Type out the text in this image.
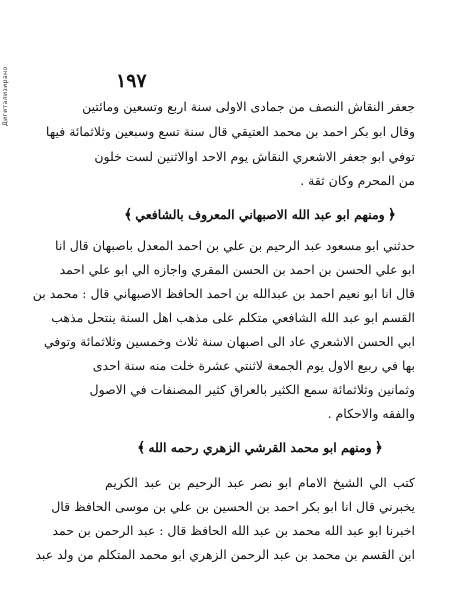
Дигитализирано	١٩٧
جعفر النقاش النصف من جمادى الاولى سنة اربع وتسعين ومائتين
وقال ابو بكر احمد بن محمد العتيقي قال سنة تسع وسبعين وثلاثمائة فيها
توفي ابو جعفر الاشعري النقاش يوم الاحد اوالاثنين لست خلون
من المحرم وكان ثقة .
﴿ومنهم ابو عبد الله الاصبهاني المعروف بالشافعي﴾
حدثني ابو مسعود عبد الرحيم بن علي بن احمد المعدل باصبهان قال انا
ابو علي الحسن بن احمد بن الحسن المقري واجازه الي ابو علي احمد
قال انا ابو نعيم احمد بن عبدالله بن احمد الحافظ الاصبهاني قال : محمد بن
القسم ابو عبد الله الشافعي متكلم على مذهب اهل السنة ينتحل مذهب
ابي الحسن الاشعري عاد الى اصبهان سنة ثلاث وخمسين وثلاثمائة وتوفي
بها في ربيع الاول يوم الجمعة لاثنتي عشرة خلت منه سنة احدى
وثمانين وثلاثمائة سمع الكثير بالعراق كثير المصنفات في الاصول
والفقه والاحكام .
﴿ومنهم ابو محمد القرشي الزهري رحمه الله﴾
كتب الي الشيخ الامام ابو نصر عبد الرحيم بن عبد الكريم
يخبرني قال انا ابو بكر احمد بن الحسين بن علي بن موسى الحافظ قال
اخبرنا ابو عبد الله محمد بن عبد الله الحافظ قال : عبد الرحمن بن حمد
ابن القسم بن محمد بن عبد الرحمن الزهري ابو محمد المتكلم من ولد عبد
